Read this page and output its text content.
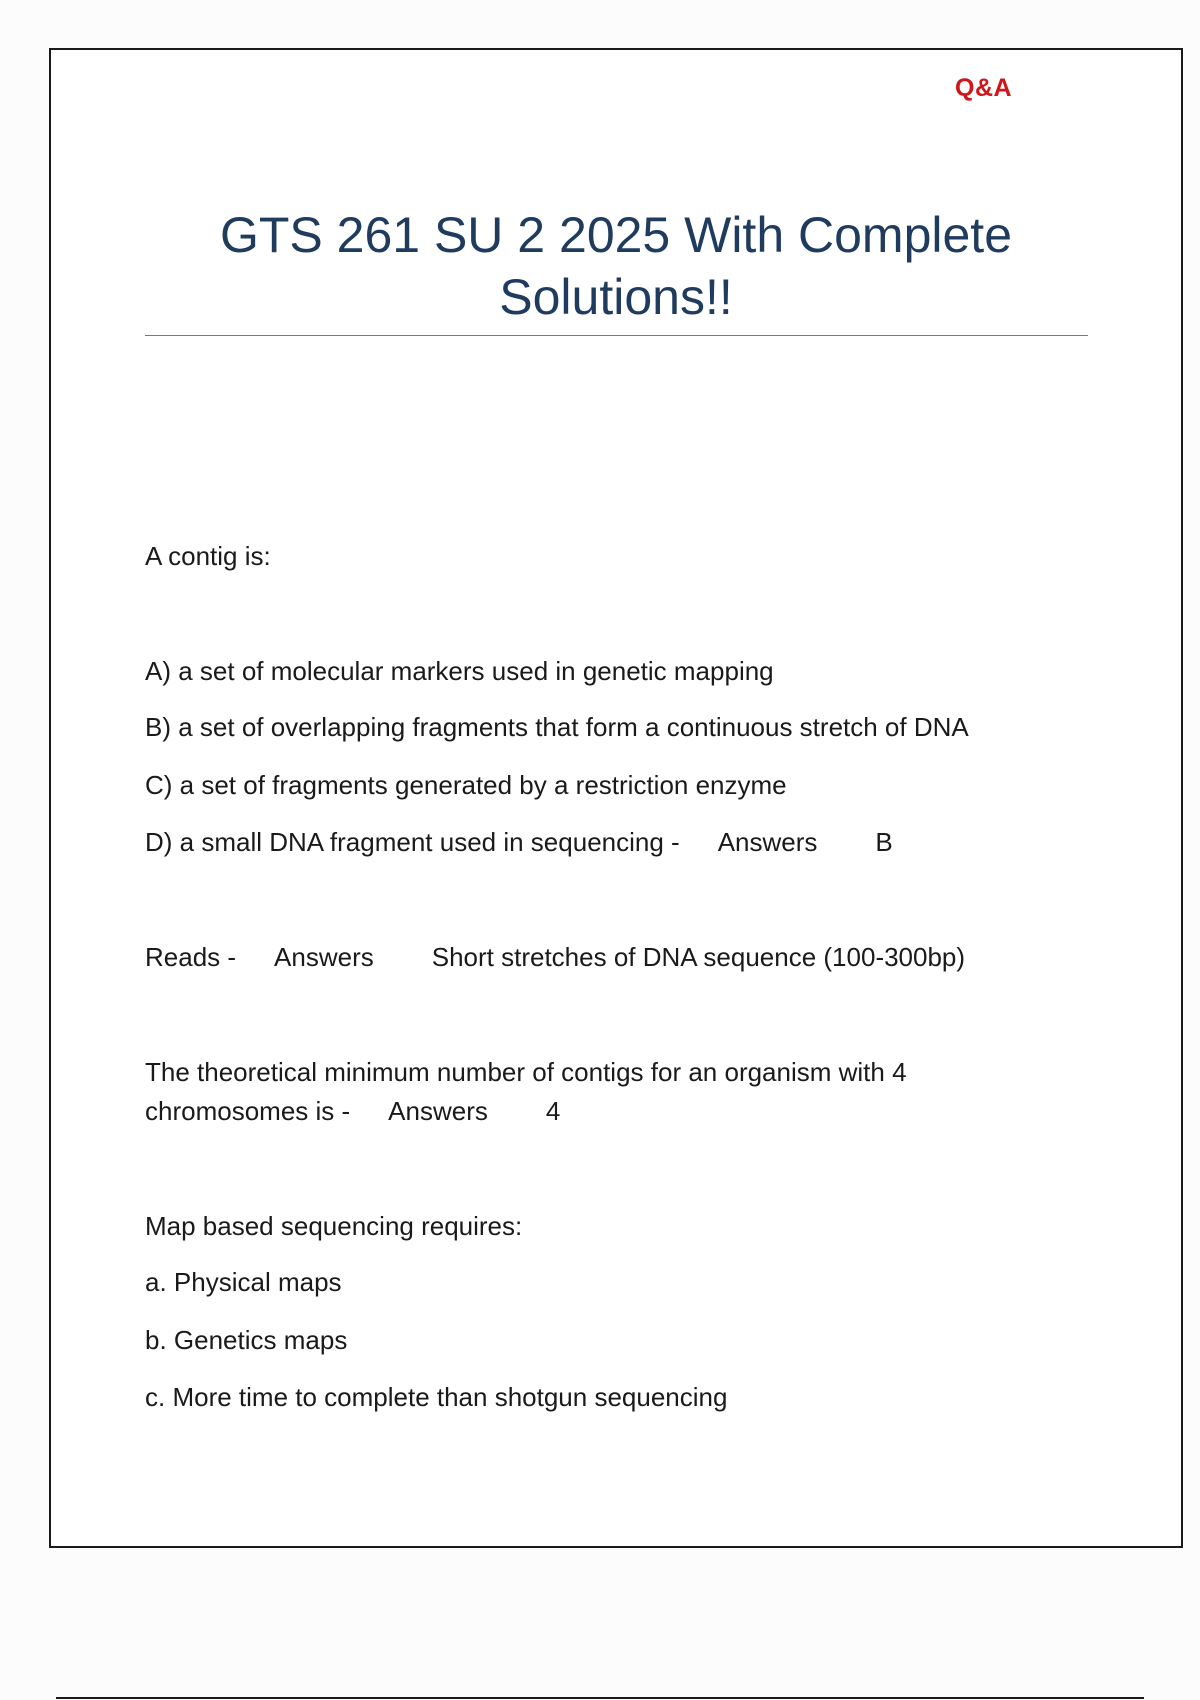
Q&A
GTS 261 SU 2 2025 With Complete
Solutions!!
A contig is:
A) a set of molecular markers used in genetic mapping
B) a set of overlapping fragments that form a continuous stretch of DNA
C) a set of fragments generated by a restriction enzyme
D) a small DNA fragment used in sequencing - Answers B
Reads - Answers Short stretches of DNA sequence (100-300bp)
The theoretical minimum number of contigs for an organism with 4
chromosomes is - Answers 4
Map based sequencing requires:
a. Physical maps
b. Genetics maps
c. More time to complete than shotgun sequencing
